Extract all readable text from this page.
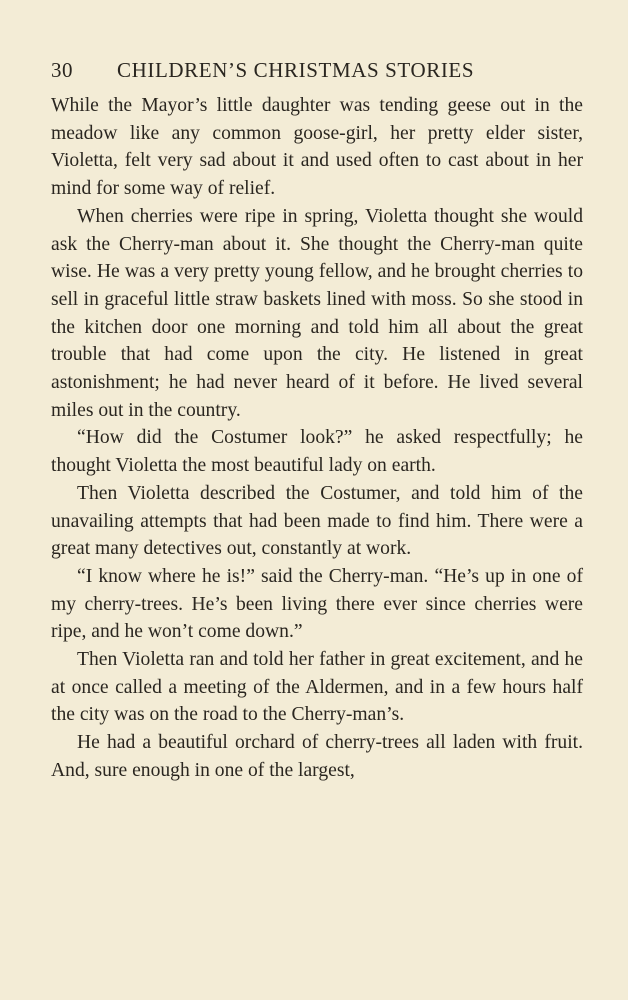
30	CHILDREN’S CHRISTMAS STORIES

While the Mayor’s little daughter was tending geese out in the meadow like any common goose-girl, her pretty elder sister, Violetta, felt very sad about it and used often to cast about in her mind for some way of relief.

When cherries were ripe in spring, Violetta thought she would ask the Cherry-man about it. She thought the Cherry-man quite wise. He was a very pretty young fellow, and he brought cherries to sell in graceful little straw baskets lined with moss. So she stood in the kitchen door one morning and told him all about the great trouble that had come upon the city. He listened in great astonishment; he had never heard of it before. He lived several miles out in the country.

“How did the Costumer look?” he asked respectfully; he thought Violetta the most beautiful lady on earth.

Then Violetta described the Costumer, and told him of the unavailing attempts that had been made to find him. There were a great many detectives out, constantly at work.

“I know where he is!” said the Cherry-man. “He’s up in one of my cherry-trees. He’s been living there ever since cherries were ripe, and he won’t come down.”

Then Violetta ran and told her father in great excitement, and he at once called a meeting of the Aldermen, and in a few hours half the city was on the road to the Cherry-man’s.

He had a beautiful orchard of cherry-trees all laden with fruit. And, sure enough in one of the largest,
